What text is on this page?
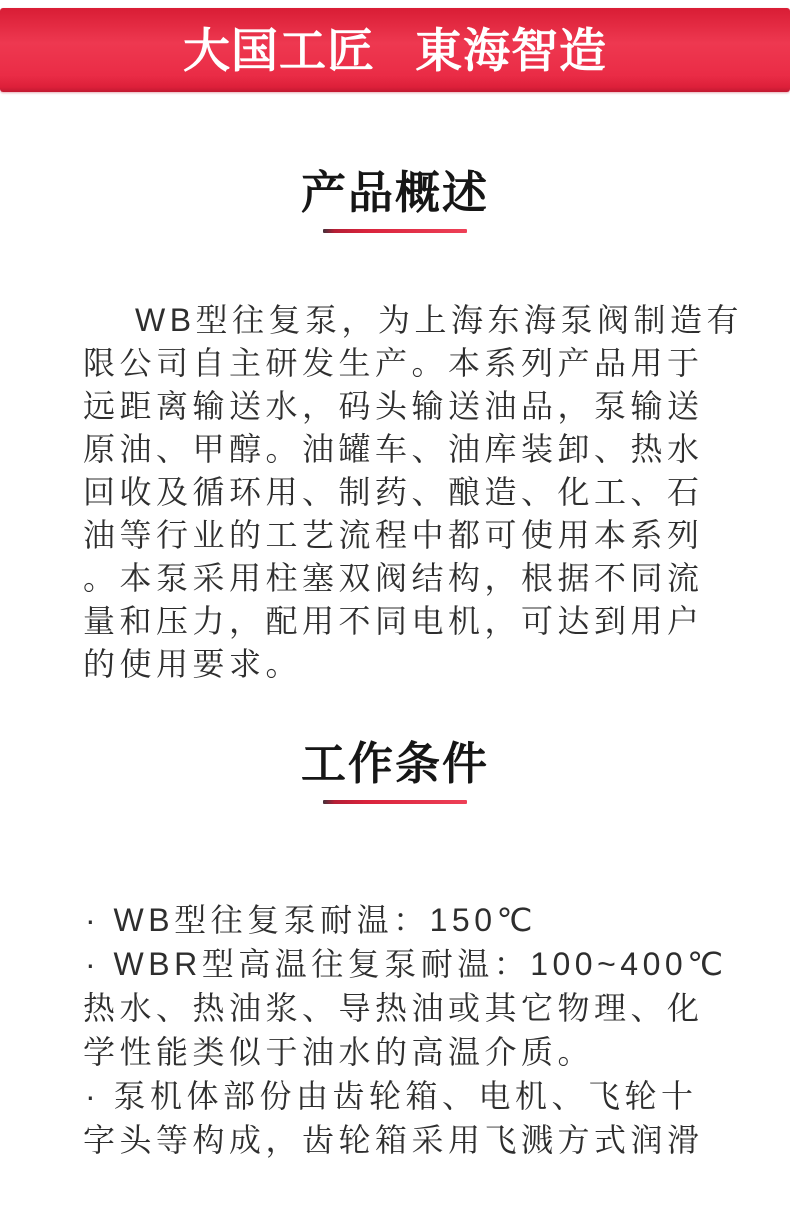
大国工匠 東海智造
产品概述
WB型往复泵，为上海东海泵阀制造有
限公司自主研发生产。本系列产品用于
远距离输送水，码头输送油品，泵输送
原油、甲醇。油罐车、油库装卸、热水
回收及循环用、制药、酿造、化工、石
油等行业的工艺流程中都可使用本系列
。本泵采用柱塞双阀结构，根据不同流
量和压力，配用不同电机，可达到用户
的使用要求。
工作条件
· WB型往复泵耐温：150℃
· WBR型高温往复泵耐温：100~400℃
热水、热油浆、导热油或其它物理、化
学性能类似于油水的高温介质。
· 泵机体部份由齿轮箱、电机、飞轮十
字头等构成，齿轮箱采用飞溅方式润滑
